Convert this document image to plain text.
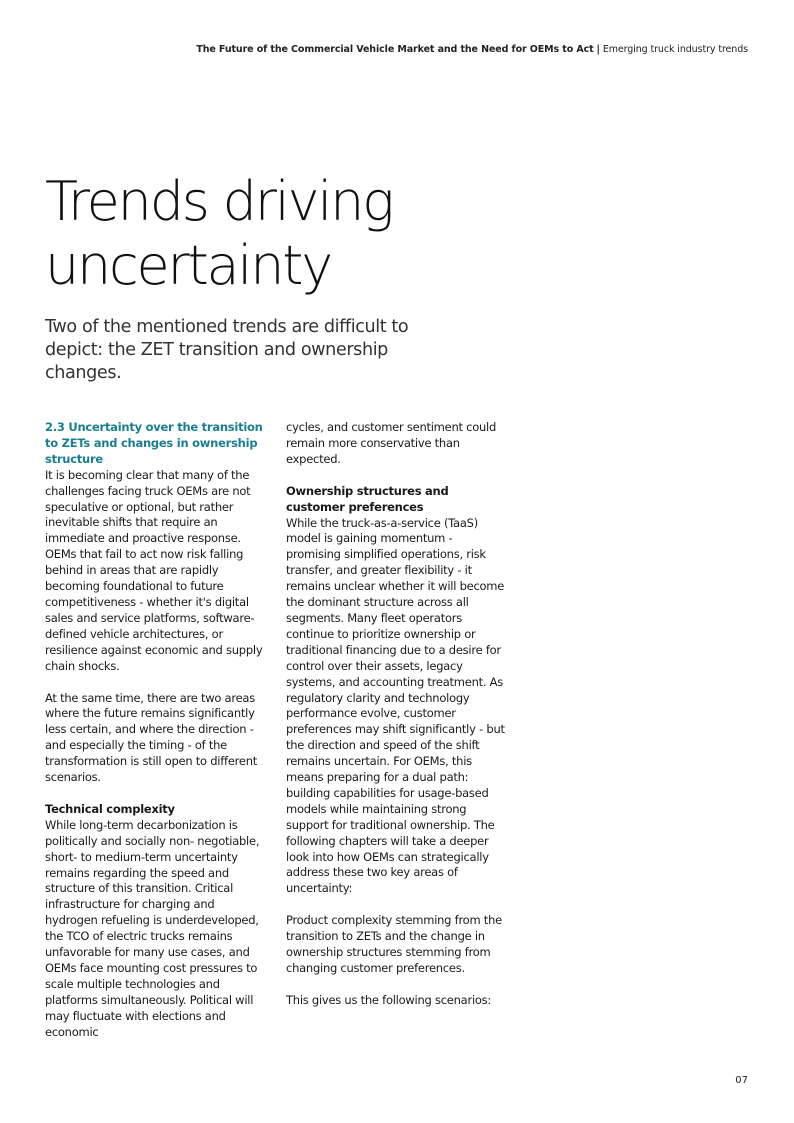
The Future of the Commercial Vehicle Market and the Need for OEMs to Act | Emerging truck industry trends
Trends driving uncertainty

Two of the mentioned trends are difficult to depict: the ZET transition and ownership changes.

2.3 Uncertainty over the transition to ZETs and changes in ownership structure

It is becoming clear that many of the challenges facing truck OEMs are not speculative or optional, but rather inevitable shifts that require an immediate and proactive response. OEMs that fail to act now risk falling behind in areas that are rapidly becoming foundational to future competitiveness - whether it's digital sales and service platforms, software-defined vehicle architectures, or resilience against economic and supply chain shocks.

At the same time, there are two areas where the future remains significantly less certain, and where the direction - and especially the timing - of the transformation is still open to different scenarios.

Technical complexity

While long-term decarbonization is politically and socially non- negotiable, short- to medium-term uncertainty remains regarding the speed and structure of this transition. Critical infrastructure for charging and hydrogen refueling is underdeveloped, the TCO of electric trucks remains unfavorable for many use cases, and OEMs face mounting cost pressures to scale multiple technologies and platforms simultaneously. Political will may fluctuate with elections and economic

cycles, and customer sentiment could remain more conservative than expected.

Ownership structures and customer preferences

While the truck-as-a-service (TaaS) model is gaining momentum - promising simplified operations, risk transfer, and greater flexibility - it remains unclear whether it will become the dominant structure across all segments. Many fleet operators continue to prioritize ownership or traditional financing due to a desire for control over their assets, legacy systems, and accounting treatment. As regulatory clarity and technology performance evolve, customer preferences may shift significantly - but the direction and speed of the shift remains uncertain. For OEMs, this means preparing for a dual path: building capabilities for usage-based models while maintaining strong support for traditional ownership. The following chapters will take a deeper look into how OEMs can strategically address these two key areas of uncertainty:

Product complexity stemming from the transition to ZETs and the change in ownership structures stemming from changing customer preferences.

This gives us the following scenarios:

07
